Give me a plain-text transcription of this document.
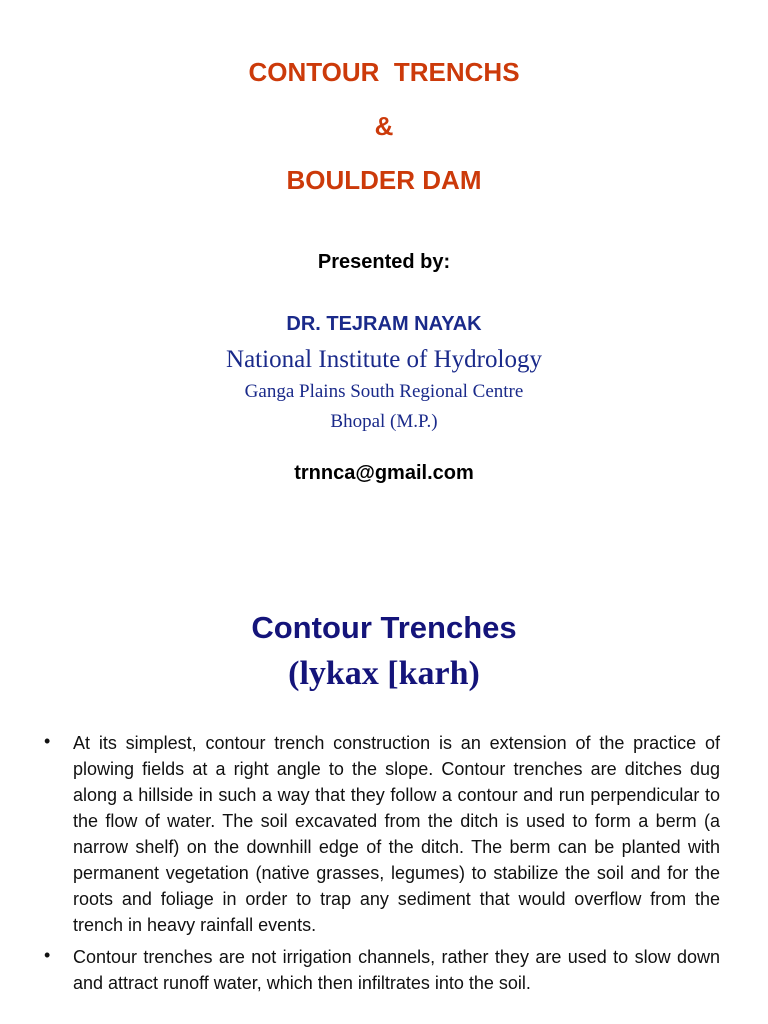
CONTOUR  TRENCHS
&
BOULDER DAM
Presented by:
DR. TEJRAM NAYAK
National Institute of Hydrology
Ganga Plains South Regional Centre
Bhopal (M.P.)
trnnca@gmail.com
Contour Trenches
(lykax [karh)
• At its simplest, contour trench construction is an extension of the practice of plowing fields at a right angle to the slope. Contour trenches are ditches dug along a hillside in such a way that they follow a contour and run perpendicular to the flow of water. The soil excavated from the ditch is used to form a berm (a narrow shelf) on the downhill edge of the ditch. The berm can be planted with permanent vegetation (native grasses, legumes) to stabilize the soil and for the roots and foliage in order to trap any sediment that would overflow from the trench in heavy rainfall events.
• Contour trenches are not irrigation channels, rather they are used to slow down and attract runoff water, which then infiltrates into the soil.
